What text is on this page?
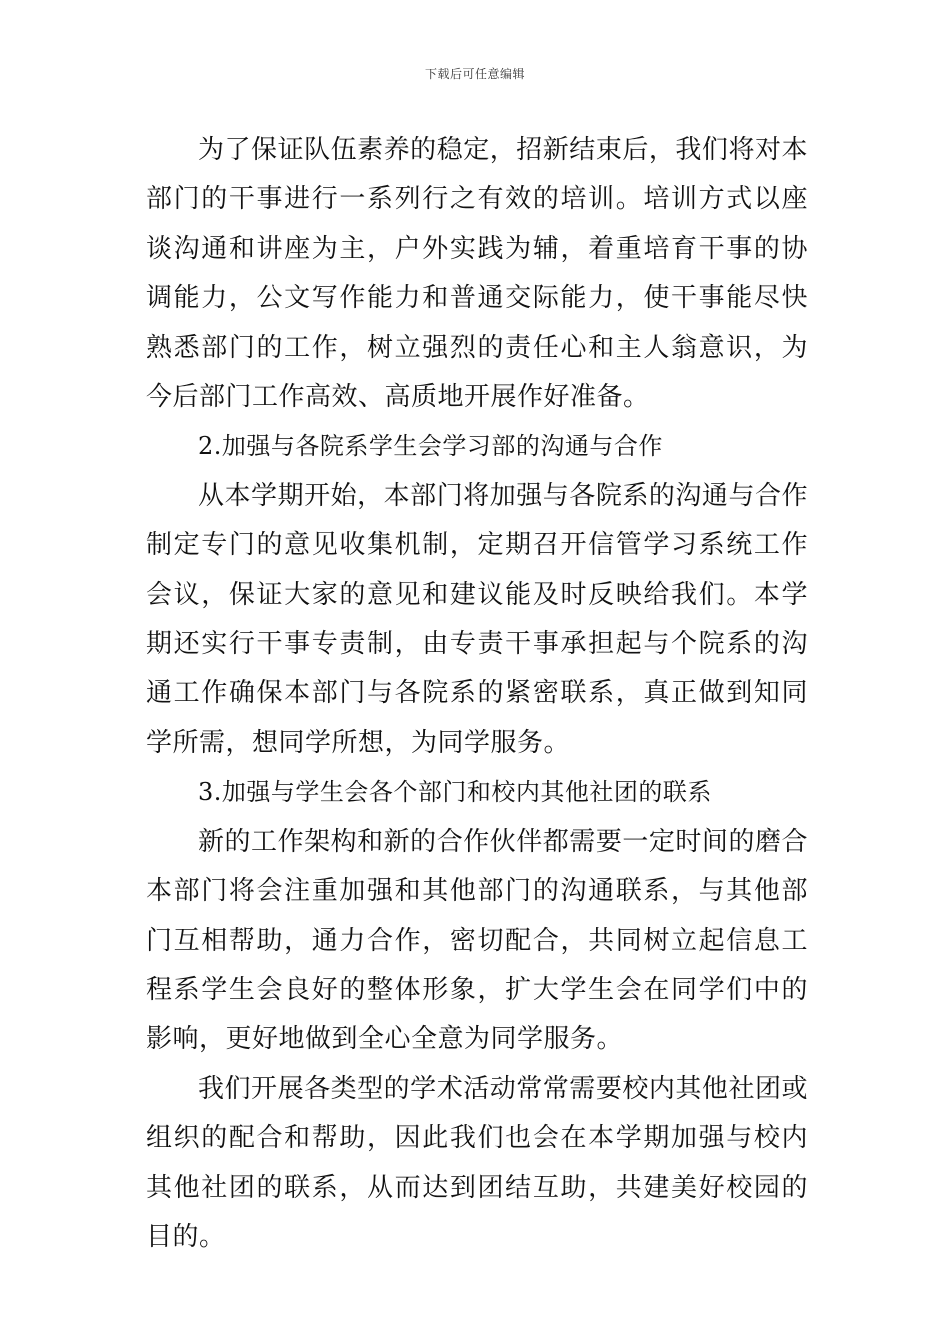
下载后可任意编辑

为了保证队伍素养的稳定，招新结束后，我们将对本部门的干事进行一系列行之有效的培训。培训方式以座谈沟通和讲座为主，户外实践为辅，着重培育干事的协调能力，公文写作能力和普通交际能力，使干事能尽快熟悉部门的工作，树立强烈的责任心和主人翁意识，为今后部门工作高效、高质地开展作好准备。

2.加强与各院系学生会学习部的沟通与合作

从本学期开始，本部门将加强与各院系的沟通与合作制定专门的意见收集机制，定期召开信管学习系统工作会议，保证大家的意见和建议能及时反映给我们。本学期还实行干事专责制，由专责干事承担起与个院系的沟通工作确保本部门与各院系的紧密联系，真正做到知同学所需，想同学所想，为同学服务。

3.加强与学生会各个部门和校内其他社团的联系

新的工作架构和新的合作伙伴都需要一定时间的磨合本部门将会注重加强和其他部门的沟通联系，与其他部门互相帮助，通力合作，密切配合，共同树立起信息工程系学生会良好的整体形象，扩大学生会在同学们中的影响，更好地做到全心全意为同学服务。

我们开展各类型的学术活动常常需要校内其他社团或组织的配合和帮助，因此我们也会在本学期加强与校内其他社团的联系，从而达到团结互助，共建美好校园的目的。
